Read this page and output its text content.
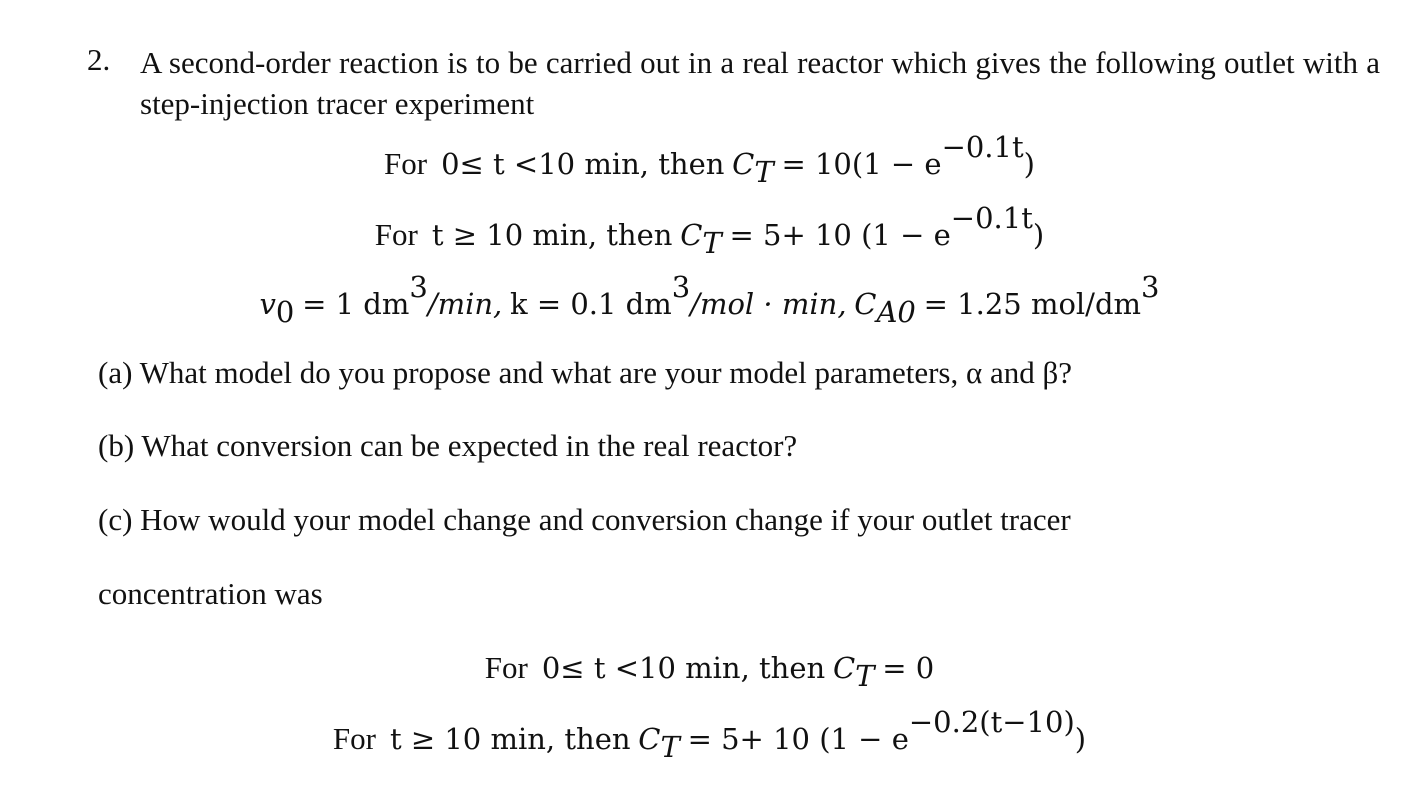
2. A second-order reaction is to be carried out in a real reactor which gives the following outlet with a step-injection tracer experiment
For 0≤ t <10 min, then $C_T = 10(1 - e^{-0.1t})$
For t ≥ 10 min, then $C_T = 5+ 10$ $(1 - e^{-0.1t})$
$v_0 = 1$ $dm^3/\min$, k = 0.1 $dm^3$/mol · min, $C_{A0} = 1.25$ mol/$dm^3$
(a) What model do you propose and what are your model parameters, α and β?
(b) What conversion can be expected in the real reactor?
(c) How would your model change and conversion change if your outlet tracer
concentration was
For 0≤ t <10 min, then $C_T = 0$
For t ≥ 10 min, then $C_T = 5+ 10$ $(1 - e^{-0.2(t-10)})$
